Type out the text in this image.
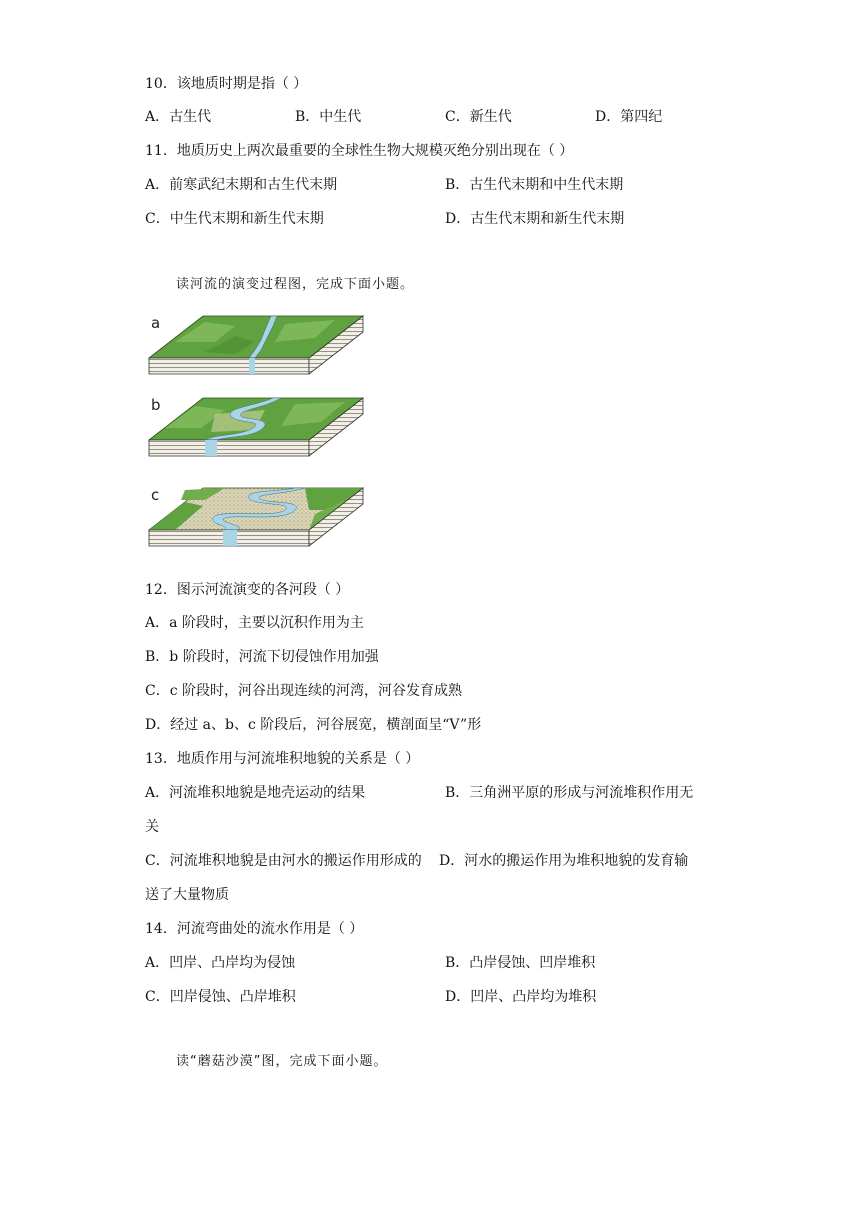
10．该地质时期是指（ ）
A．古生代	B．中生代	C．新生代	D．第四纪
11．地质历史上两次最重要的全球性生物大规模灭绝分别出现在（ ）
A．前寒武纪末期和古生代末期	B．古生代末期和中生代末期
C．中生代末期和新生代末期	D．古生代末期和新生代末期
读河流的演变过程图，完成下面小题。
a
b
c
12．图示河流演变的各河段（ ）
A．a 阶段时，主要以沉积作用为主
B．b 阶段时，河流下切侵蚀作用加强
C．c 阶段时，河谷出现连续的河湾，河谷发育成熟
D．经过 a、b、c 阶段后，河谷展宽，横剖面呈“V”形
13．地质作用与河流堆积地貌的关系是（ ）
A．河流堆积地貌是地壳运动的结果	B．三角洲平原的形成与河流堆积作用无
关
C．河流堆积地貌是由河水的搬运作用形成的 D．河水的搬运作用为堆积地貌的发育输
送了大量物质
14．河流弯曲处的流水作用是（ ）
A．凹岸、凸岸均为侵蚀	B．凸岸侵蚀、凹岸堆积
C．凹岸侵蚀、凸岸堆积	D．凹岸、凸岸均为堆积
读“蘑菇沙漠”图，完成下面小题。
